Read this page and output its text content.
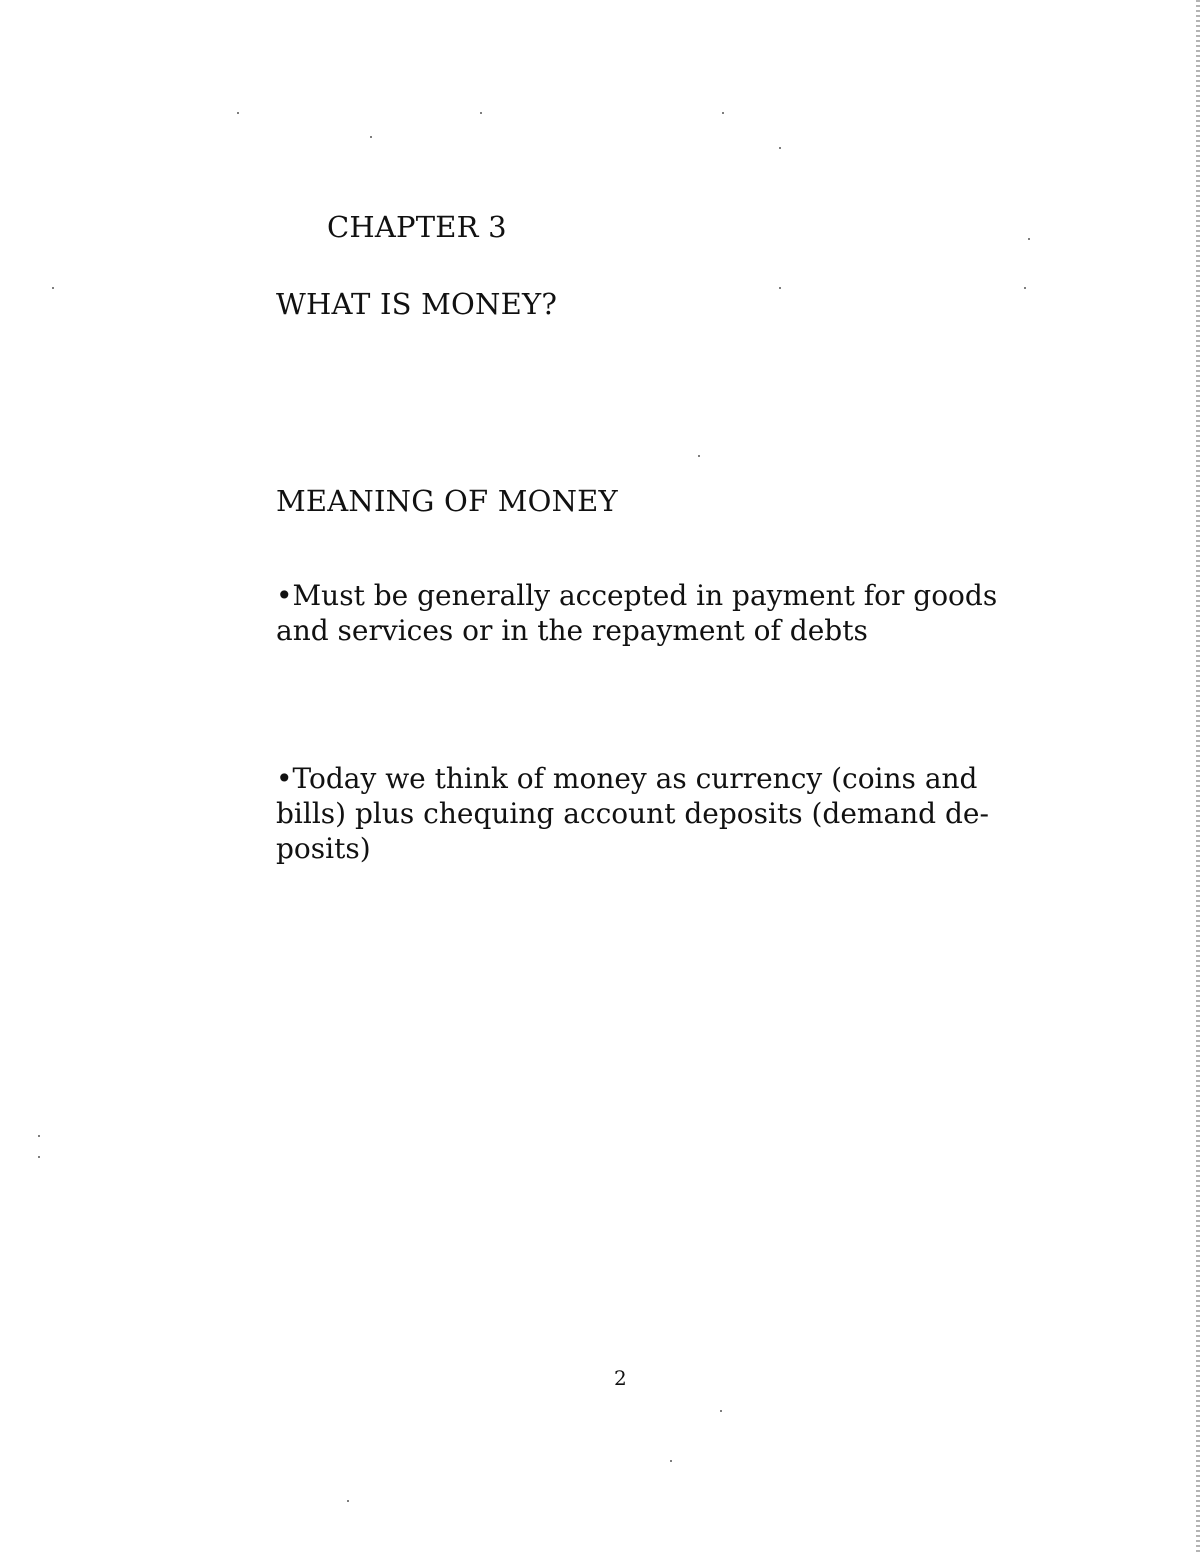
CHAPTER 3
WHAT IS MONEY?
MEANING OF MONEY

•Must be generally accepted in payment for goods
and services or in the repayment of debts

•Today we think of money as currency (coins and
bills) plus chequing account deposits (demand de-
posits)

2
